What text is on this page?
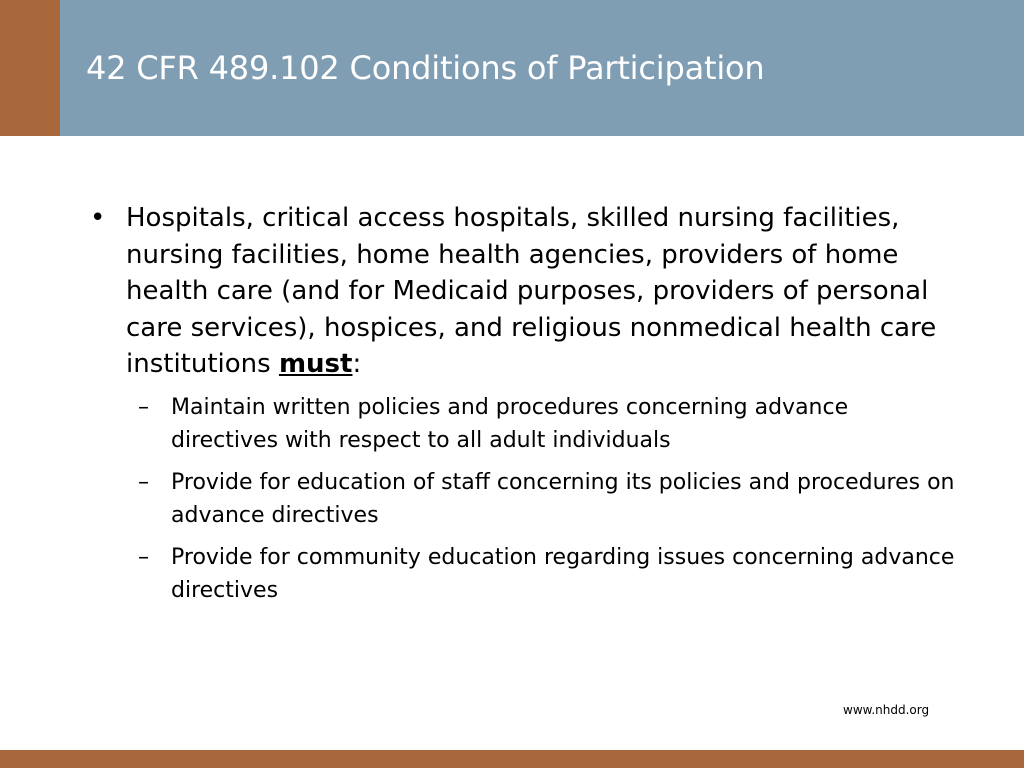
42 CFR 489.102 Conditions of Participation
• Hospitals, critical access hospitals, skilled nursing facilities, nursing facilities, home health agencies, providers of home health care (and for Medicaid purposes, providers of personal care services), hospices, and religious nonmedical health care institutions must:
– Maintain written policies and procedures concerning advance directives with respect to all adult individuals
– Provide for education of staff concerning its policies and procedures on advance directives
– Provide for community education regarding issues concerning advance directives
www.nhdd.org
